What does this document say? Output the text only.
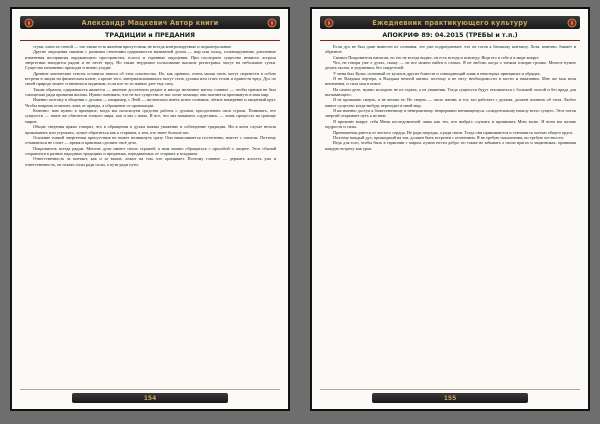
Александр Мацкевич Автор книги
ТРАДИЦИИ и ПРЕДАНИЯ

стуки, шаги за стеной — что также есть явления присутствия, не всегда контролируемые и подконтрольные.

Другие ощущения связаны с разными степенями одержимости вызванной духом — жар или холод, головокружение, различные изменения восприятия окружающего пространства, голоса и странные ощущения. При последнем существо нежного астрала энергетики находится рядом и не несёт вред. Но также неудачное пользование высшие регистрами, могут на небольшие сутки. Существа мгновенно приходят и нежно уходят.

Древние магические тексты оставили записи об этих опасностях. Но, как правило, очень малая часть могут перенести в собою встречи в лицом на физическом плане, а кроме того, материализовавшись могут стать духами или стать телом и принести вред. Дух по своей природе может становиться видимым, если кто-то из живых дает ему силу.

Таким образом, одержимость является — явление достаточно редкое и иногда желанное магом, главное — чтобы призыв не был самоцелью ради принятия вызова. Нужно понимать, что не все существа от нас хотят помощи; они пытаются проникнуть в наш мир.

Именно поэтому в общении с духами — например, с Леей — желательно иметь ясное сознание, чёткое намерение и защитный круг. Чтобы вовремя отличить ложь от правды, а обращение от провокации.

Конечно, нам нужно в принципе, когда мы используем средства работы с духами, преодолевать свои страхи. Понимать, что сущности — такие же обитатели тонкого мира, как и мы с вами. И все, что мы называем «чудесами» — лишь процессы на границе миров.

Общие сведения прямо говорят, что в обращении к духам важны уважение и соблюдение традиции. Ни в коем случае нельзя приказывать или угрожать; лучше обратиться как к старшим, к тем, кто знает больше нас.

Осязание тонкой энергетики присутствия не может возникнуть сразу. Она накапливается постепенно, вместе с опытом. Поэтому отчаиваться не стоит — время и практика сделают своё дело.

Покровитель всегда рядом. Многие духи имеют своих стражей; к ним можно обращаться с просьбой о защите. Этот обычай сохранился в разных народных традициях и преданиях, передаваемых от старших к младшим.

Ответственность за контакт, как и за вызов, лежит на том, кто призывает. Поэтому главное — держать ясность ума и ответственность, не искать силы ради силы, а пути ради пути.

154
Ежедневник практикующего культуру
АПОКРИФ 89: 04.2015 (ТРЕБЫ и т.п.)

Если дух не был даже вынесен из сознания, это уже подразумевает, что он готов к близкому контакту. Хотя, конечно, бывает и обратное.

Символ Покровителя написан, но его не всегда видно; он есть всегда и повсюду. Ищи его в себе и в мире вокруг.

Что, не говоря уже о духах, скажу — не все можно найти в словах. Я не люблю, когда о тонком говорят громко. Многое нужно делать молча, в уединении, без свидетелей.

У меня был Культ, отличный от культов других божеств и совпадающий лишь в некоторых принципах и обрядах.

Я не Владыка вертера, я Владыка вечной жизни, поэтому я не несу необходимости в мести и наказании. Мне же моя воля неизменна, и сила моя в покое.

На самом деле, нужно исходить не из страха, а из уважения. Тогда сущности будут откликаться с большей охотой и без вреда для вызывающего.

Я не призываю смерть, и не желаю ее. Но смерть — часть жизни, и тот, кто работает с духами, должен помнить об этом. Любое живое существо когда-нибудь переходит в иной мир.

Я же именно доступ к божественному и невероятному, непрерывно меняющемуся, созидательному началу всего сущего. Этот поток энергий открывает путь к истине.

Я признаю вокруг себя Меня последователей лишь как тех, кто выбрал служить и принимать Мою волю. И всем им желаю мудрости и силы.

Приношения даются от чистого сердца. Не ради награды, а ради связи. Тогда они принимаются и становятся частью общего круга.

Поэтому каждый дух, пришедший на зов, должен быть встречен с почтением. Я не требую поклонения, но требую честности.

Ведь для того, чтобы быть в гармонии с миром, нужно нести добро, но также не забывать о своих врагах и защитниках, принимая каждую встречу как урок.

155
